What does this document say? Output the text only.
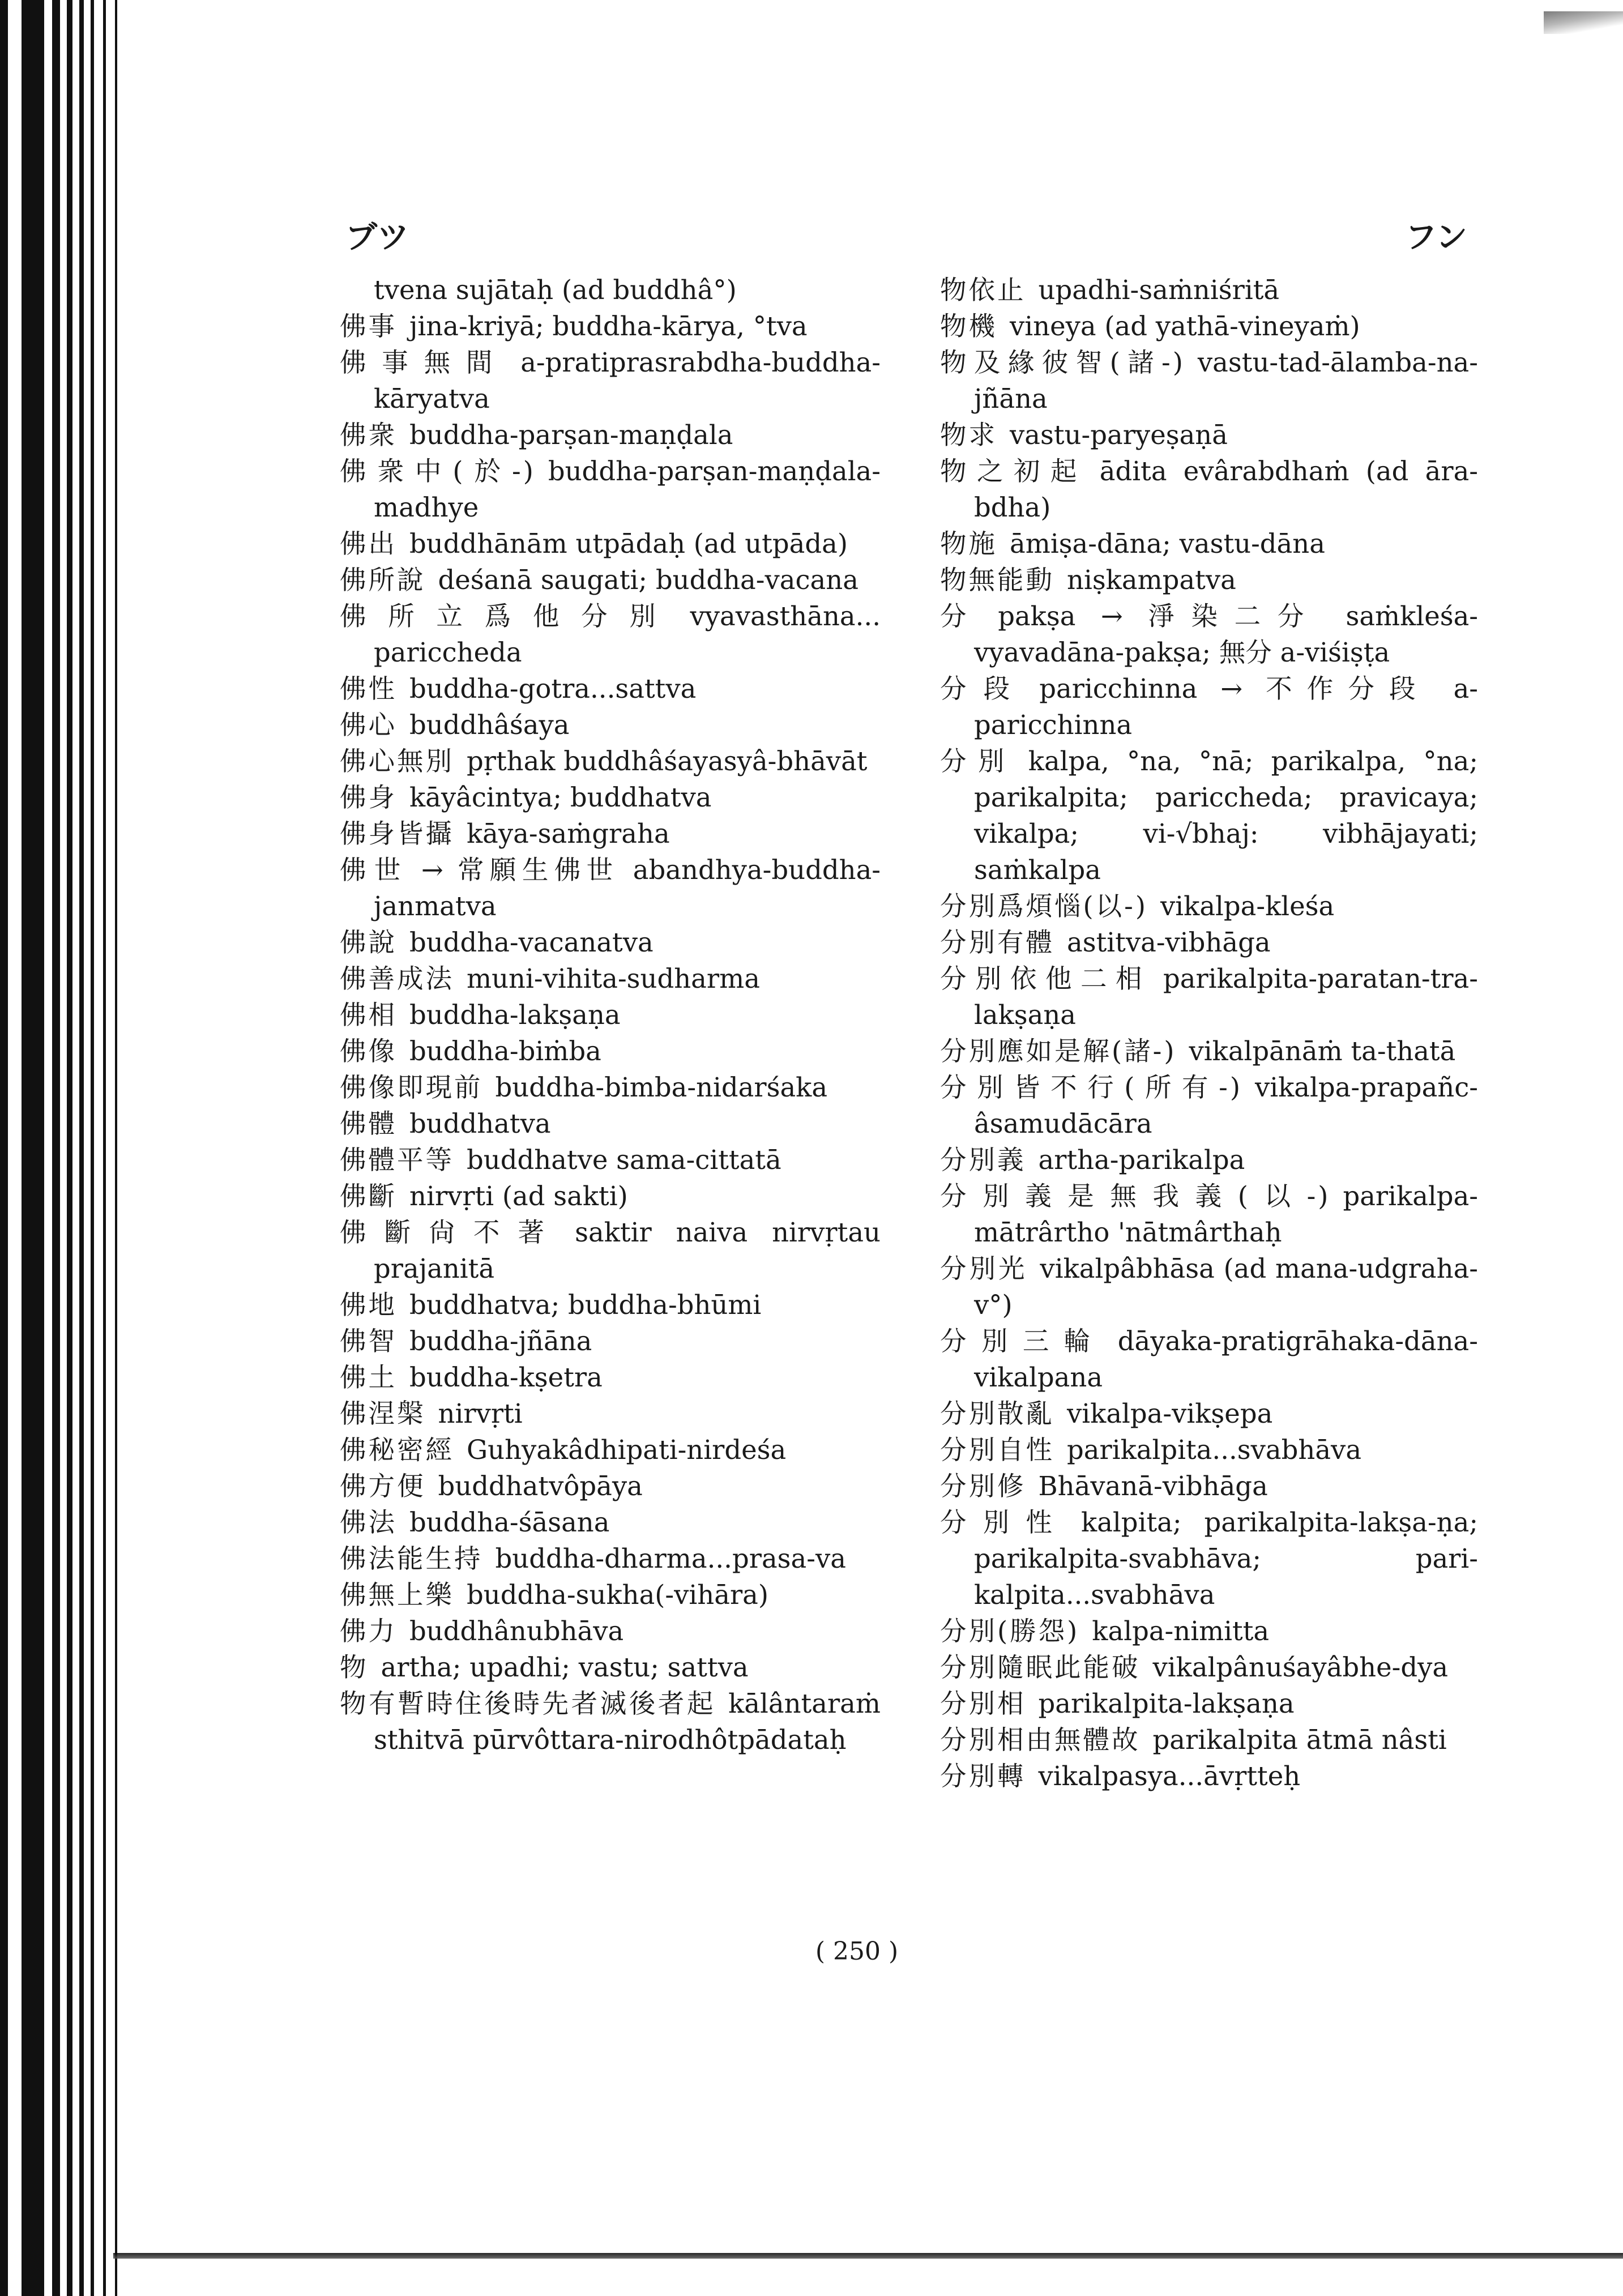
ブツ	フン

tvena sujātaḥ (ad buddhâ°)

佛事 jina-kriyā; buddha-kārya, °tva

佛事無間 a-pratiprasrabdha-buddha-kāryatva

佛衆 buddha-parṣan-maṇḍala

佛衆中(於-) buddha-parṣan-maṇḍala-madhye

佛出 buddhānām utpādaḥ (ad utpāda)

佛所說 deśanā saugati; buddha-vacana

佛所立爲他分別 vyavasthāna... pariccheda

佛性 buddha-gotra...sattva

佛心 buddhâśaya

佛心無別 pṛthak buddhâśayasyâ-bhāvāt

佛身 kāyâcintya; buddhatva

佛身皆攝 kāya-saṁgraha

佛世 → 常願生佛世 abandhya-buddha-janmatva

佛說 buddha-vacanatva

佛善成法 muni-vihita-sudharma

佛相 buddha-lakṣaṇa

佛像 buddha-biṁba

佛像即現前 buddha-bimba-nidarśaka

佛體 buddhatva

佛體平等 buddhatve sama-cittatā

佛斷 nirvṛti (ad sakti)

佛斷尙不著 saktir naiva nirvṛtau prajanitā

佛地 buddhatva; buddha-bhūmi

佛智 buddha-jñāna

佛土 buddha-kṣetra

佛涅槃 nirvṛti

佛秘密經 Guhyakâdhipati-nirdeśa

佛方便 buddhatvôpāya

佛法 buddha-śāsana

佛法能生持 buddha-dharma...prasa-va

佛無上樂 buddha-sukha(-vihāra)

佛力 buddhânubhāva

物 artha; upadhi; vastu; sattva

物有暫時住後時先者滅後者起 kālântaraṁ sthitvā pūrvôttara-nirodhôtpādataḥ

物依止 upadhi-saṁniśritā

物機 vineya (ad yathā-vineyaṁ)

物及緣彼智(諸-) vastu-tad-ālamba-na-jñāna

物求 vastu-paryeṣaṇā

物之初起 ādita evârabdhaṁ (ad āra-bdha)

物施 āmiṣa-dāna; vastu-dāna

物無能動 niṣkampatva

分 pakṣa → 淨染二分 saṁkleśa-vyavadāna-pakṣa; 無分 a-viśiṣṭa

分段 paricchinna → 不作分段 a-paricchinna

分別 kalpa, °na, °nā; parikalpa, °na; parikalpita; pariccheda; pravicaya; vikalpa; vi-√bhaj: vibhājayati; saṁkalpa

分別爲煩惱(以-) vikalpa-kleśa

分別有體 astitva-vibhāga

分別依他二相 parikalpita-paratan-tra-lakṣaṇa

分別應如是解(諸-) vikalpānāṁ ta-thatā

分別皆不行(所有-) vikalpa-prapañc-âsamudācāra

分別義 artha-parikalpa

分別義是無我義(以-) parikalpa-mātrârtho 'nātmârthaḥ

分別光 vikalpâbhāsa (ad mana-udgraha-v°)

分別三輪 dāyaka-pratigrāhaka-dāna-vikalpana

分別散亂 vikalpa-vikṣepa

分別自性 parikalpita...svabhāva

分別修 Bhāvanā-vibhāga

分別性 kalpita; parikalpita-lakṣa-ṇa; parikalpita-svabhāva; pari-kalpita...svabhāva

分別(勝怨) kalpa-nimitta

分別隨眠此能破 vikalpânuśayâbhe-dya

分別相 parikalpita-lakṣaṇa

分別相由無體故 parikalpita ātmā nâsti

分別轉 vikalpasya...āvṛtteḥ

( 250 )
